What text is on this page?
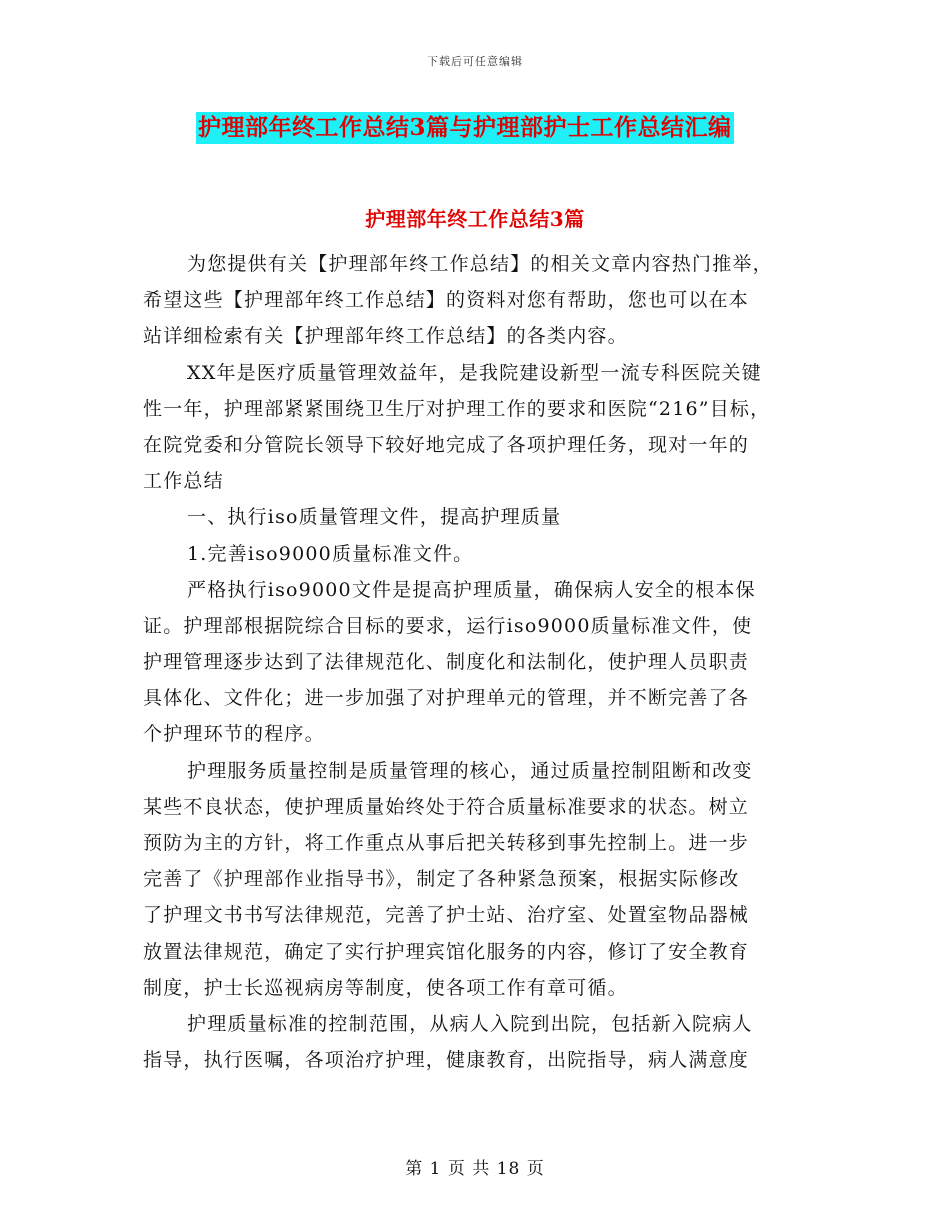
下载后可任意编辑
护理部年终工作总结3篇与护理部护士工作总结汇编
护理部年终工作总结3篇
为您提供有关【护理部年终工作总结】的相关文章内容热门推举，
希望这些【护理部年终工作总结】的资料对您有帮助，您也可以在本
站详细检索有关【护理部年终工作总结】的各类内容。
XX年是医疗质量管理效益年，是我院建设新型一流专科医院关键
性一年，护理部紧紧围绕卫生厅对护理工作的要求和医院“216”目标，
在院党委和分管院长领导下较好地完成了各项护理任务，现对一年的
工作总结
一、执行iso质量管理文件，提高护理质量
1.完善iso9000质量标准文件。
严格执行iso9000文件是提高护理质量，确保病人安全的根本保
证。护理部根据院综合目标的要求，运行iso9000质量标准文件，使
护理管理逐步达到了法律规范化、制度化和法制化，使护理人员职责
具体化、文件化；进一步加强了对护理单元的管理，并不断完善了各
个护理环节的程序。
护理服务质量控制是质量管理的核心，通过质量控制阻断和改变
某些不良状态，使护理质量始终处于符合质量标准要求的状态。树立
预防为主的方针，将工作重点从事后把关转移到事先控制上。进一步
完善了《护理部作业指导书》，制定了各种紧急预案，根据实际修改
了护理文书书写法律规范，完善了护士站、治疗室、处置室物品器械
放置法律规范，确定了实行护理宾馆化服务的内容，修订了安全教育
制度，护士长巡视病房等制度，使各项工作有章可循。
护理质量标准的控制范围，从病人入院到出院，包括新入院病人
指导，执行医嘱，各项治疗护理，健康教育，出院指导，病人满意度
第 1 页 共 18 页
